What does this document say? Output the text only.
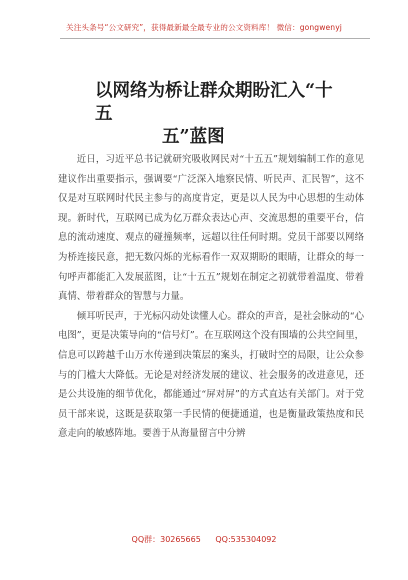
关注头条号“公文研究”，获得最新最全最专业的公文资料库！ 微信：gongwenyj
以网络为桥让群众期盼汇入“十五
五”蓝图

近日，习近平总书记就研究吸收网民对“十五五”规划编制工作的意见建议作出重要指示，强调要“广泛深入地察民情、听民声、汇民智”，这不仅是对互联网时代民主参与的高度肯定，更是以人民为中心思想的生动体现。新时代，互联网已成为亿万群众表达心声、交流思想的重要平台，信息的流动速度、观点的碰撞频率，远超以往任何时期。党员干部要以网络为桥连接民意，把无数闪烁的光标看作一双双期盼的眼睛，让群众的每一句呼声都能汇入发展蓝图，让“十五五”规划在制定之初就带着温度、带着真情、带着群众的智慧与力量。

倾耳听民声，于光标闪动处读懂人心。群众的声音，是社会脉动的“心电图”，更是决策导向的“信号灯”。在互联网这个没有围墙的公共空间里，信息可以跨越千山万水传递到决策层的案头，打破时空的局限，让公众参与的门槛大大降低。无论是对经济发展的建议、社会服务的改进意见，还是公共设施的细节优化，都能通过“屏对屏”的方式直达有关部门。对于党员干部来说，这既是获取第一手民情的便捷通道，也是衡量政策热度和民意走向的敏感阵地。要善于从海量留言中分辨

QQ群：30265665 QQ:535304092
